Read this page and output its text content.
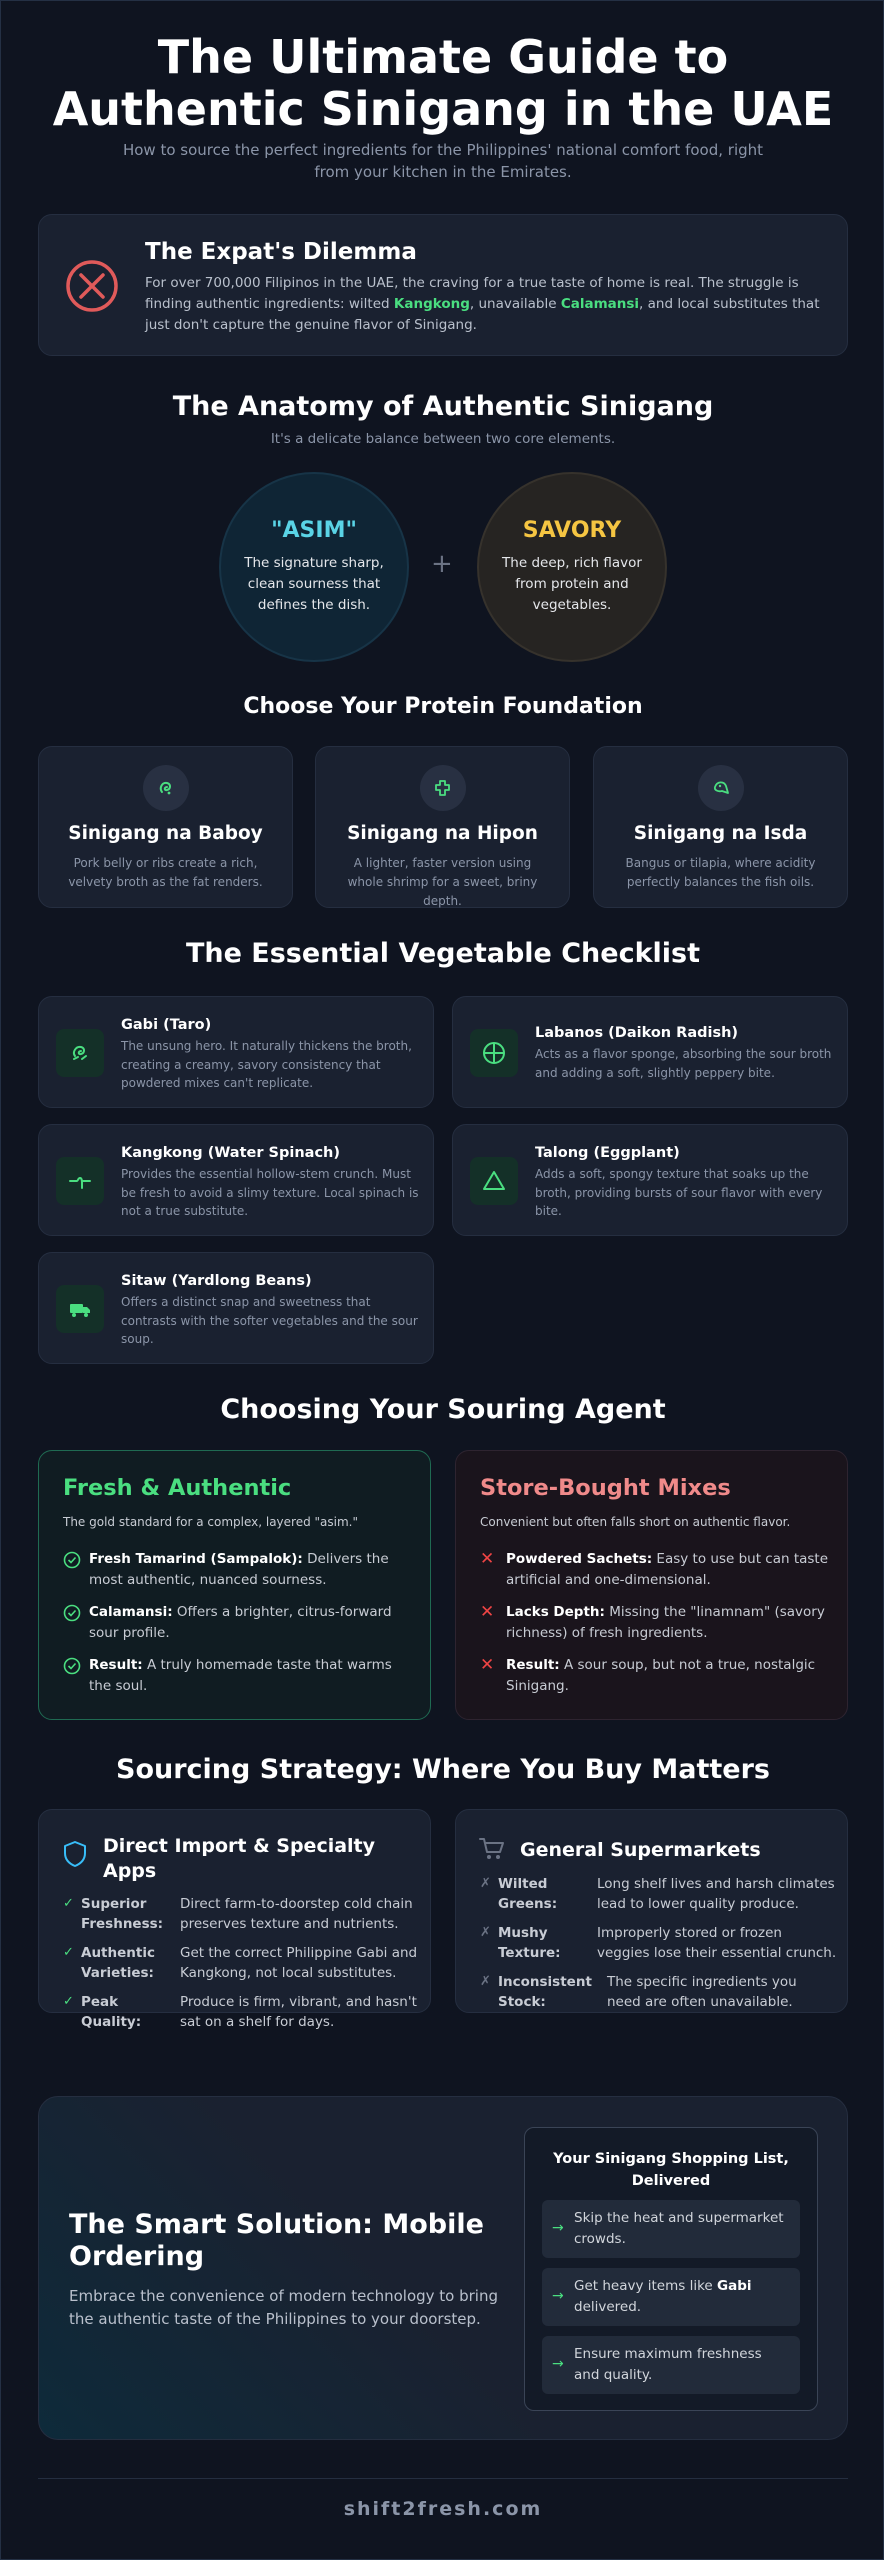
The Ultimate Guide to Authentic Sinigang in the UAE
How to source the perfect ingredients for the Philippines' national comfort food, right from your kitchen in the Emirates.
The Expat's Dilemma

For over 700,000 Filipinos in the UAE, the craving for a true taste of home is real. The struggle is finding authentic ingredients: wilted Kangkong, unavailable Calamansi, and local substitutes that just don't capture the genuine flavor of Sinigang.

The Anatomy of Authentic Sinigang
It's a delicate balance between two core elements.
"ASIM"
The signature sharp, clean sourness that defines the dish.
+
SAVORY
The deep, rich flavor from protein and vegetables.
Choose Your Protein Foundation
Sinigang na Baboy
Pork belly or ribs create a rich, velvety broth as the fat renders.
Sinigang na Hipon
A lighter, faster version using whole shrimp for a sweet, briny depth.
Sinigang na Isda
Bangus or tilapia, where acidity perfectly balances the fish oils.
The Essential Vegetable Checklist
Gabi (Taro)
The unsung hero. It naturally thickens the broth, creating a creamy, savory consistency that powdered mixes can't replicate.
Labanos (Daikon Radish)
Acts as a flavor sponge, absorbing the sour broth and adding a soft, slightly peppery bite.
Kangkong (Water Spinach)
Provides the essential hollow-stem crunch. Must be fresh to avoid a slimy texture. Local spinach is not a true substitute.
Talong (Eggplant)
Adds a soft, spongy texture that soaks up the broth, providing bursts of sour flavor with every bite.
Sitaw (Yardlong Beans)
Offers a distinct snap and sweetness that contrasts with the softer vegetables and the sour soup.
Choosing Your Souring Agent
Fresh & Authentic
The gold standard for a complex, layered "asim."
Fresh Tamarind (Sampalok): Delivers the most authentic, nuanced sourness.
Calamansi: Offers a brighter, citrus-forward sour profile.
Result: A truly homemade taste that warms the soul.
Store-Bought Mixes
Convenient but often falls short on authentic flavor.
✕ Powdered Sachets: Easy to use but can taste artificial and one-dimensional.
✕ Lacks Depth: Missing the "linamnam" (savory richness) of fresh ingredients.
✕ Result: A sour soup, but not a true, nostalgic Sinigang.
Sourcing Strategy: Where You Buy Matters
Direct Import & Specialty Apps
✓ Superior Freshness:
Direct farm-to-doorstep cold chain preserves texture and nutrients.
✓ Authentic Varieties:
Get the correct Philippine Gabi and Kangkong, not local substitutes.
✓ Peak Quality:
Produce is firm, vibrant, and hasn't sat on a shelf for days.
General Supermarkets
✗ Wilted Greens:
Long shelf lives and harsh climates lead to lower quality produce.
✗ Mushy Texture:
Improperly stored or frozen veggies lose their essential crunch.
✗ Inconsistent Stock:
The specific ingredients you need are often unavailable.
The Smart Solution: Mobile Ordering

Embrace the convenience of modern technology to bring the authentic taste of the Philippines to your doorstep.

Your Sinigang Shopping List, Delivered
→
Skip the heat and supermarket crowds.
→
Get heavy items like Gabi delivered.
→
Ensure maximum freshness and quality.
shift2fresh.com
